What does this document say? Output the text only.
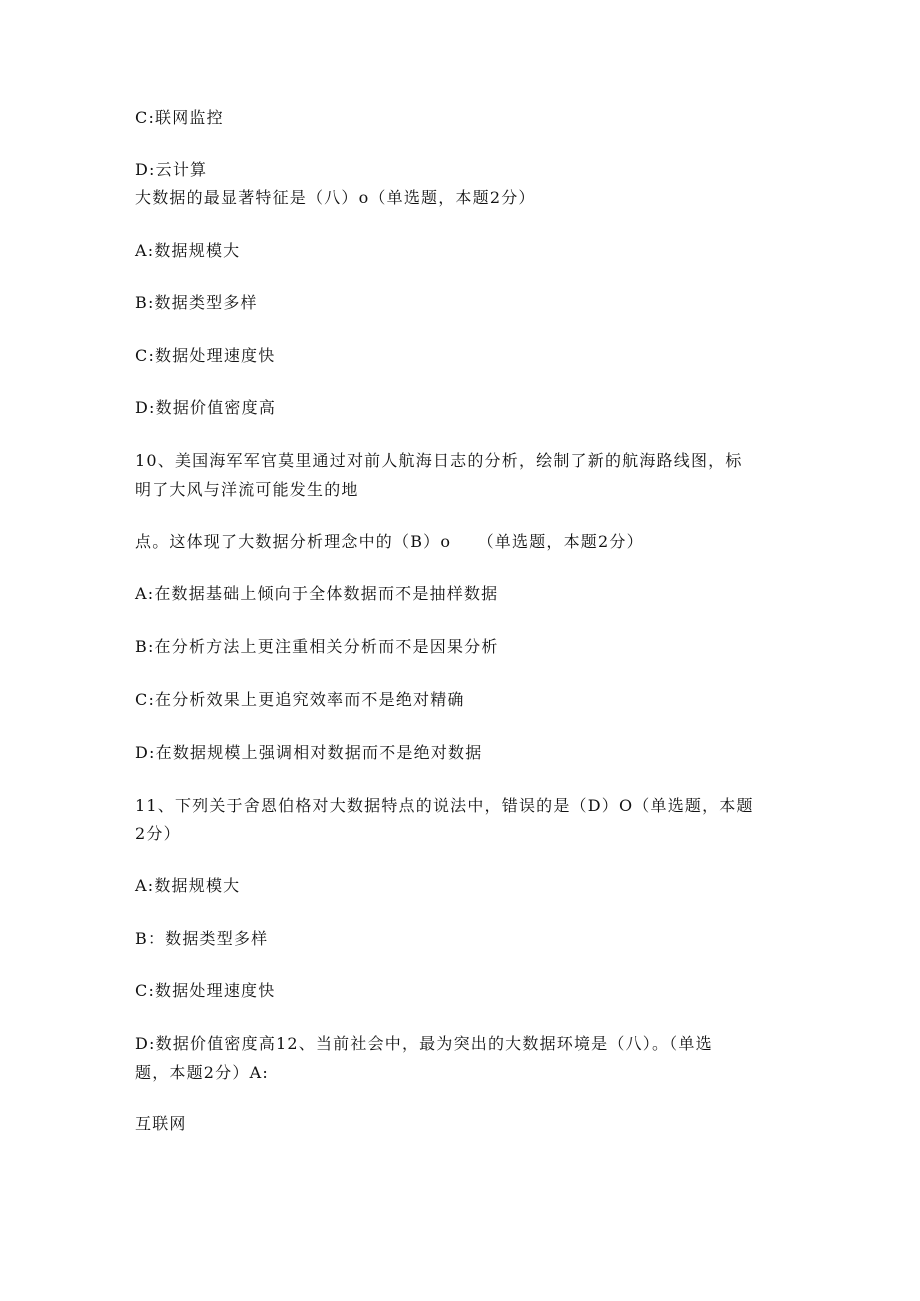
C:联网监控
D:云计算
大数据的最显著特征是（八）o（单选题，本题2分）
A:数据规模大
B:数据类型多样
C:数据处理速度快
D:数据价值密度高
10、美国海军军官莫里通过对前人航海日志的分析，绘制了新的航海路线图，标
明了大风与洋流可能发生的地
点。这体现了大数据分析理念中的（B）o　　（单选题，本题2分）
A:在数据基础上倾向于全体数据而不是抽样数据
B:在分析方法上更注重相关分析而不是因果分析
C:在分析效果上更追究效率而不是绝对精确
D:在数据规模上强调相对数据而不是绝对数据
11、下列关于舍恩伯格对大数据特点的说法中，错误的是（D）O（单选题，本题
2分）
A:数据规模大
B：数据类型多样
C:数据处理速度快
D:数据价值密度高12、当前社会中，最为突出的大数据环境是（八）。（单选
题，本题2分）A:
互联网
